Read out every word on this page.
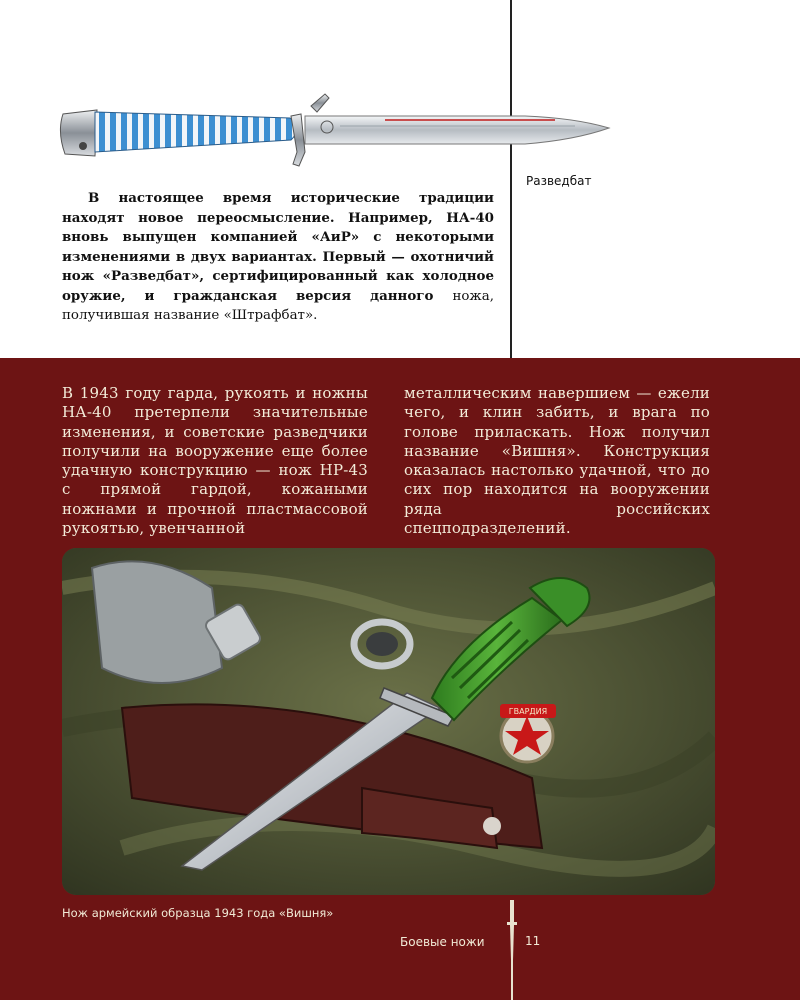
Разведбат
В настоящее время исторические традиции находят новое переосмысление. Например, НА-40 вновь выпущен компанией «АиР» с некоторыми изменениями в двух вариантах. Первый — охотничий нож «Разведбат», сертифицированный как холодное оружие, и гражданская версия данного ножа, получившая название «Штрафбат».
В 1943 году гарда, рукоять и ножны НА-40 претерпели значительные изменения, и советские разведчики получили на вооружение еще более удачную конструкцию — нож НР-43 с прямой гардой, кожаными ножнами и прочной пластмассовой рукоятью, увенчанной
металлическим навершием — ежели чего, и клин забить, и врага по голове приласкать. Нож получил название «Вишня». Конструкция оказалась настолько удачной, что до сих пор находится на вооружении ряда российских спецподразделений.
ГВАРДИЯ
Нож армейский образца 1943 года «Вишня»
Боевые ножи	11
